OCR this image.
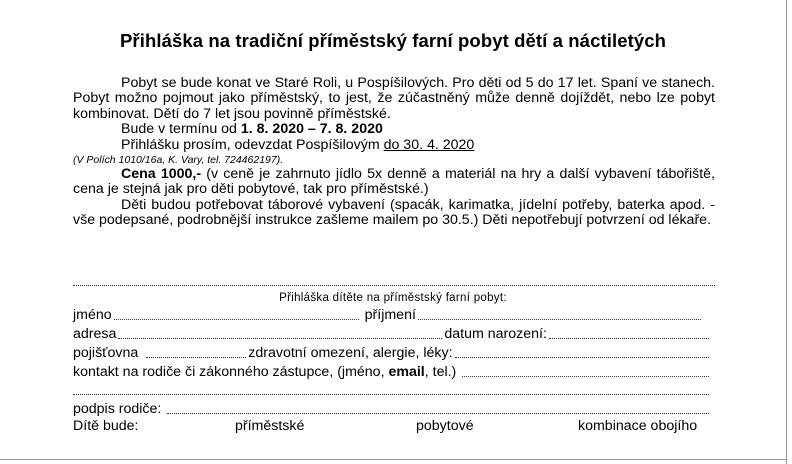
Přihláška na tradiční příměstský farní pobyt dětí a náctiletých

Pobyt se bude konat ve Staré Roli, u Pospíšilových. Pro děti od 5 do 17 let. Spaní ve stanech. Pobyt možno pojmout jako příměstský, to jest, že zúčastněný může denně dojíždět, nebo lze pobyt kombinovat. Dětí do 7 let jsou povinně příměstské.

Bude v termínu od 1. 8. 2020 – 7. 8. 2020

Přihlášku prosím, odevzdat Pospíšilovým do 30. 4. 2020

(V Polích 1010/16a, K. Vary, tel. 724462197).

Cena 1000,- (v ceně je zahrnuto jídlo 5x denně a materiál na hry a další vybavení tábořiště, cena je stejná jak pro děti pobytové, tak pro příměstské.)

Děti budou potřebovat táborové vybavení (spacák, karimatka, jídelní potřeby, baterka apod. - vše podepsané, podrobnější instrukce zašleme mailem po 30.5.) Děti nepotřebují potvrzení od lékaře.

Přihláška dítěte na příměstský farní pobyt:
jméno	příjmení
adresa	datum narození:
pojišťovna	zdravotní omezení, alergie, léky:
kontakt na rodiče či zákonného zástupce, (jméno, email, tel.)
podpis rodiče:
Dítě bude:	příměstské	pobytové	kombinace obojího
